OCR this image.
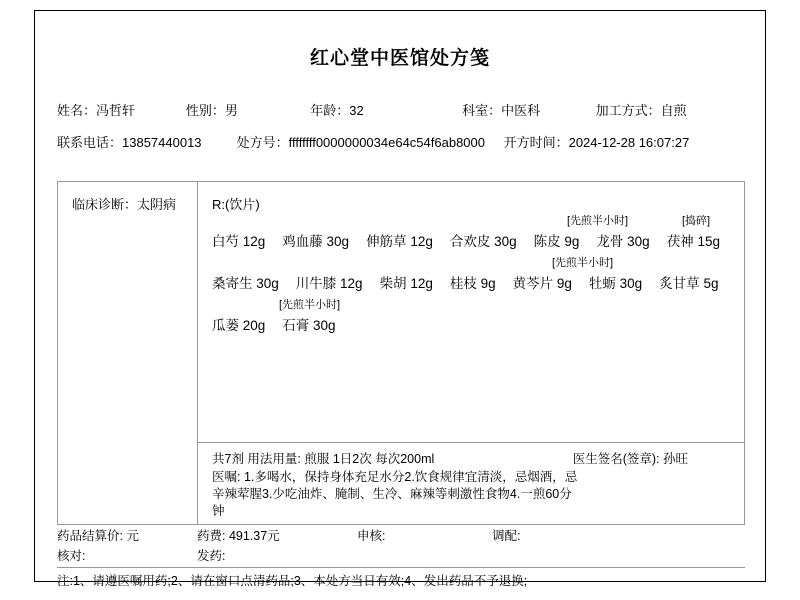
红心堂中医馆处方笺
姓名：冯哲轩	性别：男	年龄：32	科室：中医科	加工方式：自煎
联系电话：13857440013	处方号：ffffffff0000000034e64c54f6ab8000	开方时间：2024-12-28 16:07:27
临床诊断：太阴病	R:(饮片)
[先煎半小时]	[捣碎]
白芍 12g 鸡血藤 30g 伸筋草 12g 合欢皮 30g 陈皮 9g 龙骨 30g 茯神 15g
[先煎半小时]
桑寄生 30g 川牛膝 12g 柴胡 12g 桂枝 9g 黄芩片 9g 牡蛎 30g 炙甘草 5g
[先煎半小时]
瓜蒌 20g 石膏 30g
共7剂 用法用量: 煎服 1日2次 每次200ml	医生签名(签章): 孙旺
医嘱: 1.多喝水，保持身体充足水分2.饮食规律宜清淡，忌烟酒，忌
辛辣荤腥3.少吃油炸、腌制、生冷、麻辣等刺激性食物4.一煎60分
钟
药品结算价: 元	药费: 491.37元	申核:	调配:
核对:	发药:
注:1、请遵医嘱用药;2、请在窗口点清药品;3、本处方当日有效;4、发出药品不予退换;
